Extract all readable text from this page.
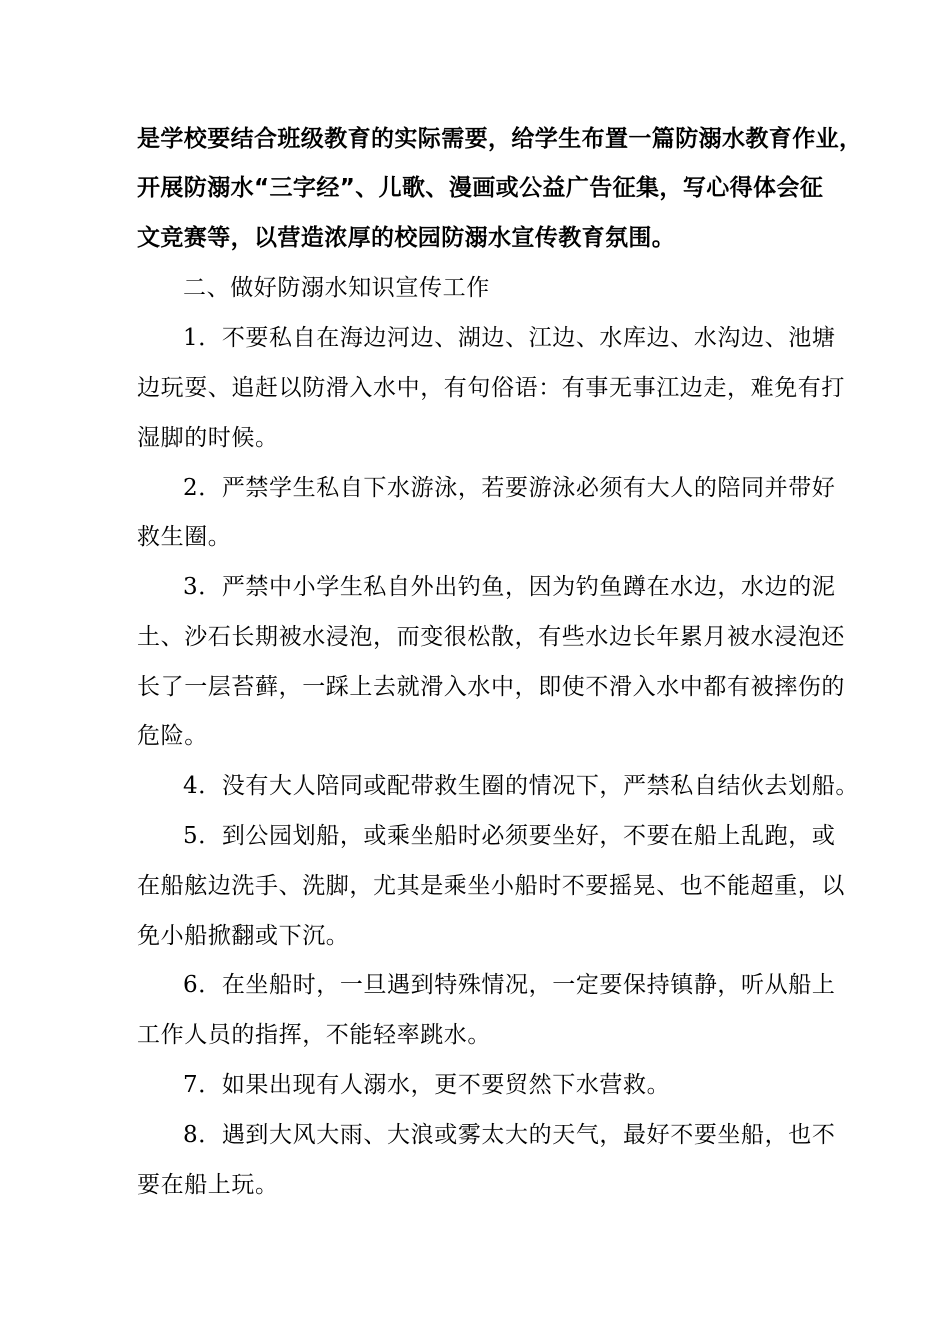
是学校要结合班级教育的实际需要，给学生布置一篇防溺水教育作业，
开展防溺水“三字经”、儿歌、漫画或公益广告征集，写心得体会征
文竞赛等，以营造浓厚的校园防溺水宣传教育氛围。
二、做好防溺水知识宣传工作
1．不要私自在海边河边、湖边、江边、水库边、水沟边、池塘
边玩耍、追赶以防滑入水中，有句俗语：有事无事江边走，难免有打
湿脚的时候。
2．严禁学生私自下水游泳，若要游泳必须有大人的陪同并带好
救生圈。
3．严禁中小学生私自外出钓鱼，因为钓鱼蹲在水边，水边的泥
土、沙石长期被水浸泡，而变很松散，有些水边长年累月被水浸泡还
长了一层苔藓，一踩上去就滑入水中，即使不滑入水中都有被摔伤的
危险。
4．没有大人陪同或配带救生圈的情况下，严禁私自结伙去划船。
5．到公园划船，或乘坐船时必须要坐好，不要在船上乱跑，或
在船舷边洗手、洗脚，尤其是乘坐小船时不要摇晃、也不能超重，以
免小船掀翻或下沉。
6．在坐船时，一旦遇到特殊情况，一定要保持镇静，听从船上
工作人员的指挥，不能轻率跳水。
7．如果出现有人溺水，更不要贸然下水营救。
8．遇到大风大雨、大浪或雾太大的天气，最好不要坐船，也不
要在船上玩。
